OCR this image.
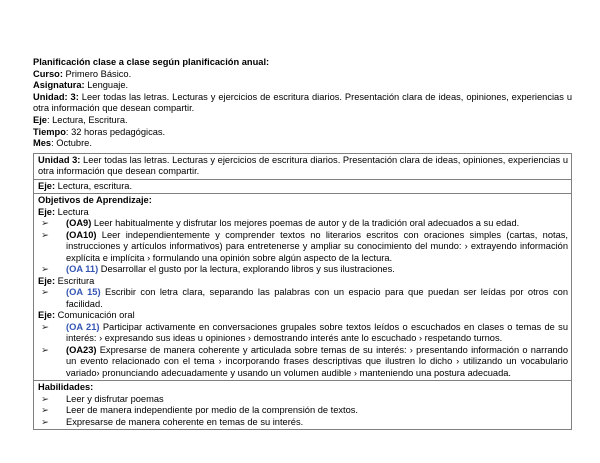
Planificación clase a clase según planificación anual:

Curso: Primero Básico.

Asignatura: Lenguaje.

Unidad: 3: Leer todas las letras. Lecturas y ejercicios de escritura diarios. Presentación clara de ideas, opiniones, experiencias u otra información que desean compartir.

Eje: Lectura, Escritura.

Tiempo: 32 horas pedagógicas.

Mes: Octubre.

Unidad 3: Leer todas las letras. Lecturas y ejercicios de escritura diarios. Presentación clara de ideas, opiniones, experiencias u otra información que desean compartir.
Eje: Lectura, escritura.

Objetivos de Aprendizaje:
Eje: Lectura
➢ (OA9) Leer habitualmente y disfrutar los mejores poemas de autor y de la tradición oral adecuados a su edad.
➢ (OA10) Leer independientemente y comprender textos no literarios escritos con oraciones simples (cartas, notas, instrucciones y artículos informativos) para entretenerse y ampliar su conocimiento del mundo: › extrayendo información explícita e implícita › formulando una opinión sobre algún aspecto de la lectura.
➢ (OA 11) Desarrollar el gusto por la lectura, explorando libros y sus ilustraciones.
Eje: Escritura
➢ (OA 15) Escribir con letra clara, separando las palabras con un espacio para que puedan ser leídas por otros con facilidad.
Eje: Comunicación oral
➢ (OA 21) Participar activamente en conversaciones grupales sobre textos leídos o escuchados en clases o temas de su interés: › expresando sus ideas u opiniones › demostrando interés ante lo escuchado › respetando turnos.
➢ (OA23) Expresarse de manera coherente y articulada sobre temas de su interés: › presentando información o narrando un evento relacionado con el tema › incorporando frases descriptivas que ilustren lo dicho › utilizando un vocabulario variado› pronunciando adecuadamente y usando un volumen audible › manteniendo una postura adecuada.

Habilidades:
➢ Leer y disfrutar poemas
➢ Leer de manera independiente por medio de la comprensión de textos.
➢ Expresarse de manera coherente en temas de su interés.
